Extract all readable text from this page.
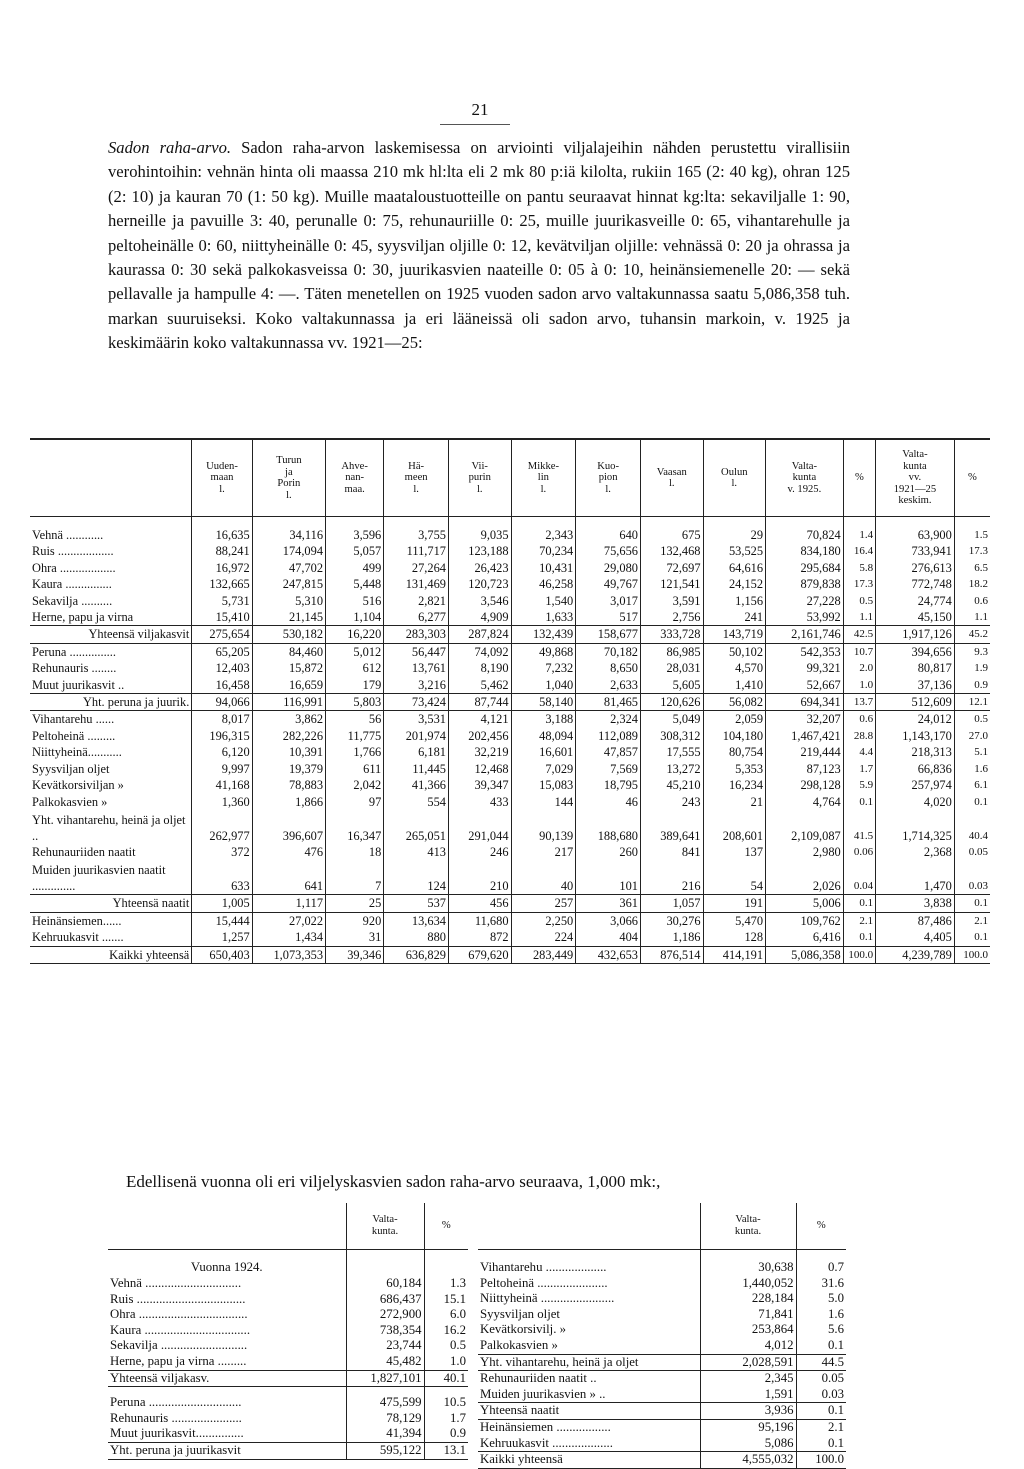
21
Sadon raha-arvo. Sadon raha-arvon laskemisessa on arviointi viljalajeihin nähden perustettu virallisiin verohintoihin: vehnän hinta oli maassa 210 mk hl:lta eli 2 mk 80 p:iä kilolta, rukiin 165 (2: 40 kg), ohran 125 (2: 10) ja kauran 70 (1: 50 kg). Muille maataloustuotteille on pantu seuraavat hinnat kg:lta: sekaviljalle 1: 90, herneille ja pavuille 3: 40, perunalle 0: 75, rehunauriille 0: 25, muille juurikasveille 0: 65, vihantarehulle ja peltoheinälle 0: 60, niittyheinälle 0: 45, syysviljan oljille 0: 12, kevätviljan oljille: vehnässä 0: 20 ja ohrassa ja kaurassa 0: 30 sekä palkokasveissa 0: 30, juurikasvien naateille 0: 05 à 0: 10, heinänsiemenelle 20: — sekä pellavalle ja hampulle 4: —. Täten menetellen on 1925 vuoden sadon arvo valtakunnassa saatu 5,086,358 tuh. markan suuruiseksi. Koko valtakunnassa ja eri lääneissä oli sadon arvo, tuhansin markoin, v. 1925 ja keskimäärin koko valtakunnassa vv. 1921—25:
	Uuden-
maan
l.	Turun
ja
Porin
l.	Ahve-
nan-
maa.	Hä-
meen
l.	Vii-
purin
l.	Mikke-
lin
l.	Kuo-
pion
l.	Vaasan
l.	Oulun
l.	Valta-
kunta
v. 1925.	%	Valta-
kunta
vv.
1921—25
keskim.	%

Vehnä ............	16,635	34,116	3,596	3,755	9,035	2,343	640	675	29	70,824	1.4	63,900	1.5
Ruis ..................	88,241	174,094	5,057	111,717	123,188	70,234	75,656	132,468	53,525	834,180	16.4	733,941	17.3
Ohra ..................	16,972	47,702	499	27,264	26,423	10,431	29,080	72,697	64,616	295,684	5.8	276,613	6.5
Kaura ...............	132,665	247,815	5,448	131,469	120,723	46,258	49,767	121,541	24,152	879,838	17.3	772,748	18.2
Sekavilja ..........	5,731	5,310	516	2,821	3,546	1,540	3,017	3,591	1,156	27,228	0.5	24,774	0.6
Herne, papu ja virna	15,410	21,145	1,104	6,277	4,909	1,633	517	2,756	241	53,992	1.1	45,150	1.1
Yhteensä viljakasvit	275,654	530,182	16,220	283,303	287,824	132,439	158,677	333,728	143,719	2,161,746	42.5	1,917,126	45.2
Peruna ...............	65,205	84,460	5,012	56,447	74,092	49,868	70,182	86,985	50,102	542,353	10.7	394,656	9.3
Rehunauris ........	12,403	15,872	612	13,761	8,190	7,232	8,650	28,031	4,570	99,321	2.0	80,817	1.9
Muut juurikasvit ..	16,458	16,659	179	3,216	5,462	1,040	2,633	5,605	1,410	52,667	1.0	37,136	0.9
Yht. peruna ja juurik.	94,066	116,991	5,803	73,424	87,744	58,140	81,465	120,626	56,082	694,341	13.7	512,609	12.1
Vihantarehu ......	8,017	3,862	56	3,531	4,121	3,188	2,324	5,049	2,059	32,207	0.6	24,012	0.5
Peltoheinä .........	196,315	282,226	11,775	201,974	202,456	48,094	112,089	308,312	104,180	1,467,421	28.8	1,143,170	27.0
Niittyheinä...........	6,120	10,391	1,766	6,181	32,219	16,601	47,857	17,555	80,754	219,444	4.4	218,313	5.1
Syysviljan oljet	9,997	19,379	611	11,445	12,468	7,029	7,569	13,272	5,353	87,123	1.7	66,836	1.6
Kevätkorsiviljan »	41,168	78,883	2,042	41,366	39,347	15,083	18,795	45,210	16,234	298,128	5.9	257,974	6.1
Palkokasvien »	1,360	1,866	97	554	433	144	46	243	21	4,764	0.1	4,020	0.1
Yht. vihantarehu, heinä ja oljet ..	262,977	396,607	16,347	265,051	291,044	90,139	188,680	389,641	208,601	2,109,087	41.5	1,714,325	40.4
Rehunauriiden naatit	372	476	18	413	246	217	260	841	137	2,980	0.06	2,368	0.05
Muiden juurikasvien naatit ..............	633	641	7	124	210	40	101	216	54	2,026	0.04	1,470	0.03
Yhteensä naatit	1,005	1,117	25	537	456	257	361	1,057	191	5,006	0.1	3,838	0.1
Heinänsiemen......	15,444	27,022	920	13,634	11,680	2,250	3,066	30,276	5,470	109,762	2.1	87,486	2.1
Kehruukasvit .......	1,257	1,434	31	880	872	224	404	1,186	128	6,416	0.1	4,405	0.1
Kaikki yhteensä	650,403	1,073,353	39,346	636,829	679,620	283,449	432,653	876,514	414,191	5,086,358	100.0	4,239,789	100.0
Edellisenä vuonna oli eri viljelyskasvien sadon raha-arvo seuraava, 1,000 mk:,
	Valta-
kunta.	%
Vuonna 1924.		
Vehnä ..............................	60,184	1.3
Ruis ..................................	686,437	15.1
Ohra ..................................	272,900	6.0
Kaura .................................	738,354	16.2
Sekavilja ...........................	23,744	0.5
Herne, papu ja virna .........	45,482	1.0
Yhteensä viljakasv.	1,827,101	40.1

Peruna .............................	475,599	10.5
Rehunauris ......................	78,129	1.7
Muut juurikasvit...............	41,394	0.9
Yht. peruna ja juurikasvit	595,122	13.1
	Valta-
kunta.	%

Vihantarehu ...................	30,638	0.7
Peltoheinä ......................	1,440,052	31.6
Niittyheinä .......................	228,184	5.0
Syysviljan oljet	71,841	1.6
Kevätkorsivilj. »	253,864	5.6
Palkokasvien »	4,012	0.1
Yht. vihantarehu, heinä ja oljet	2,028,591	44.5
Rehunauriiden naatit ..	2,345	0.05
Muiden juurikasvien » ..	1,591	0.03
Yhteensä naatit	3,936	0.1
Heinänsiemen .................	95,196	2.1
Kehruukasvit ...................	5,086	0.1
Kaikki yhteensä	4,555,032	100.0
